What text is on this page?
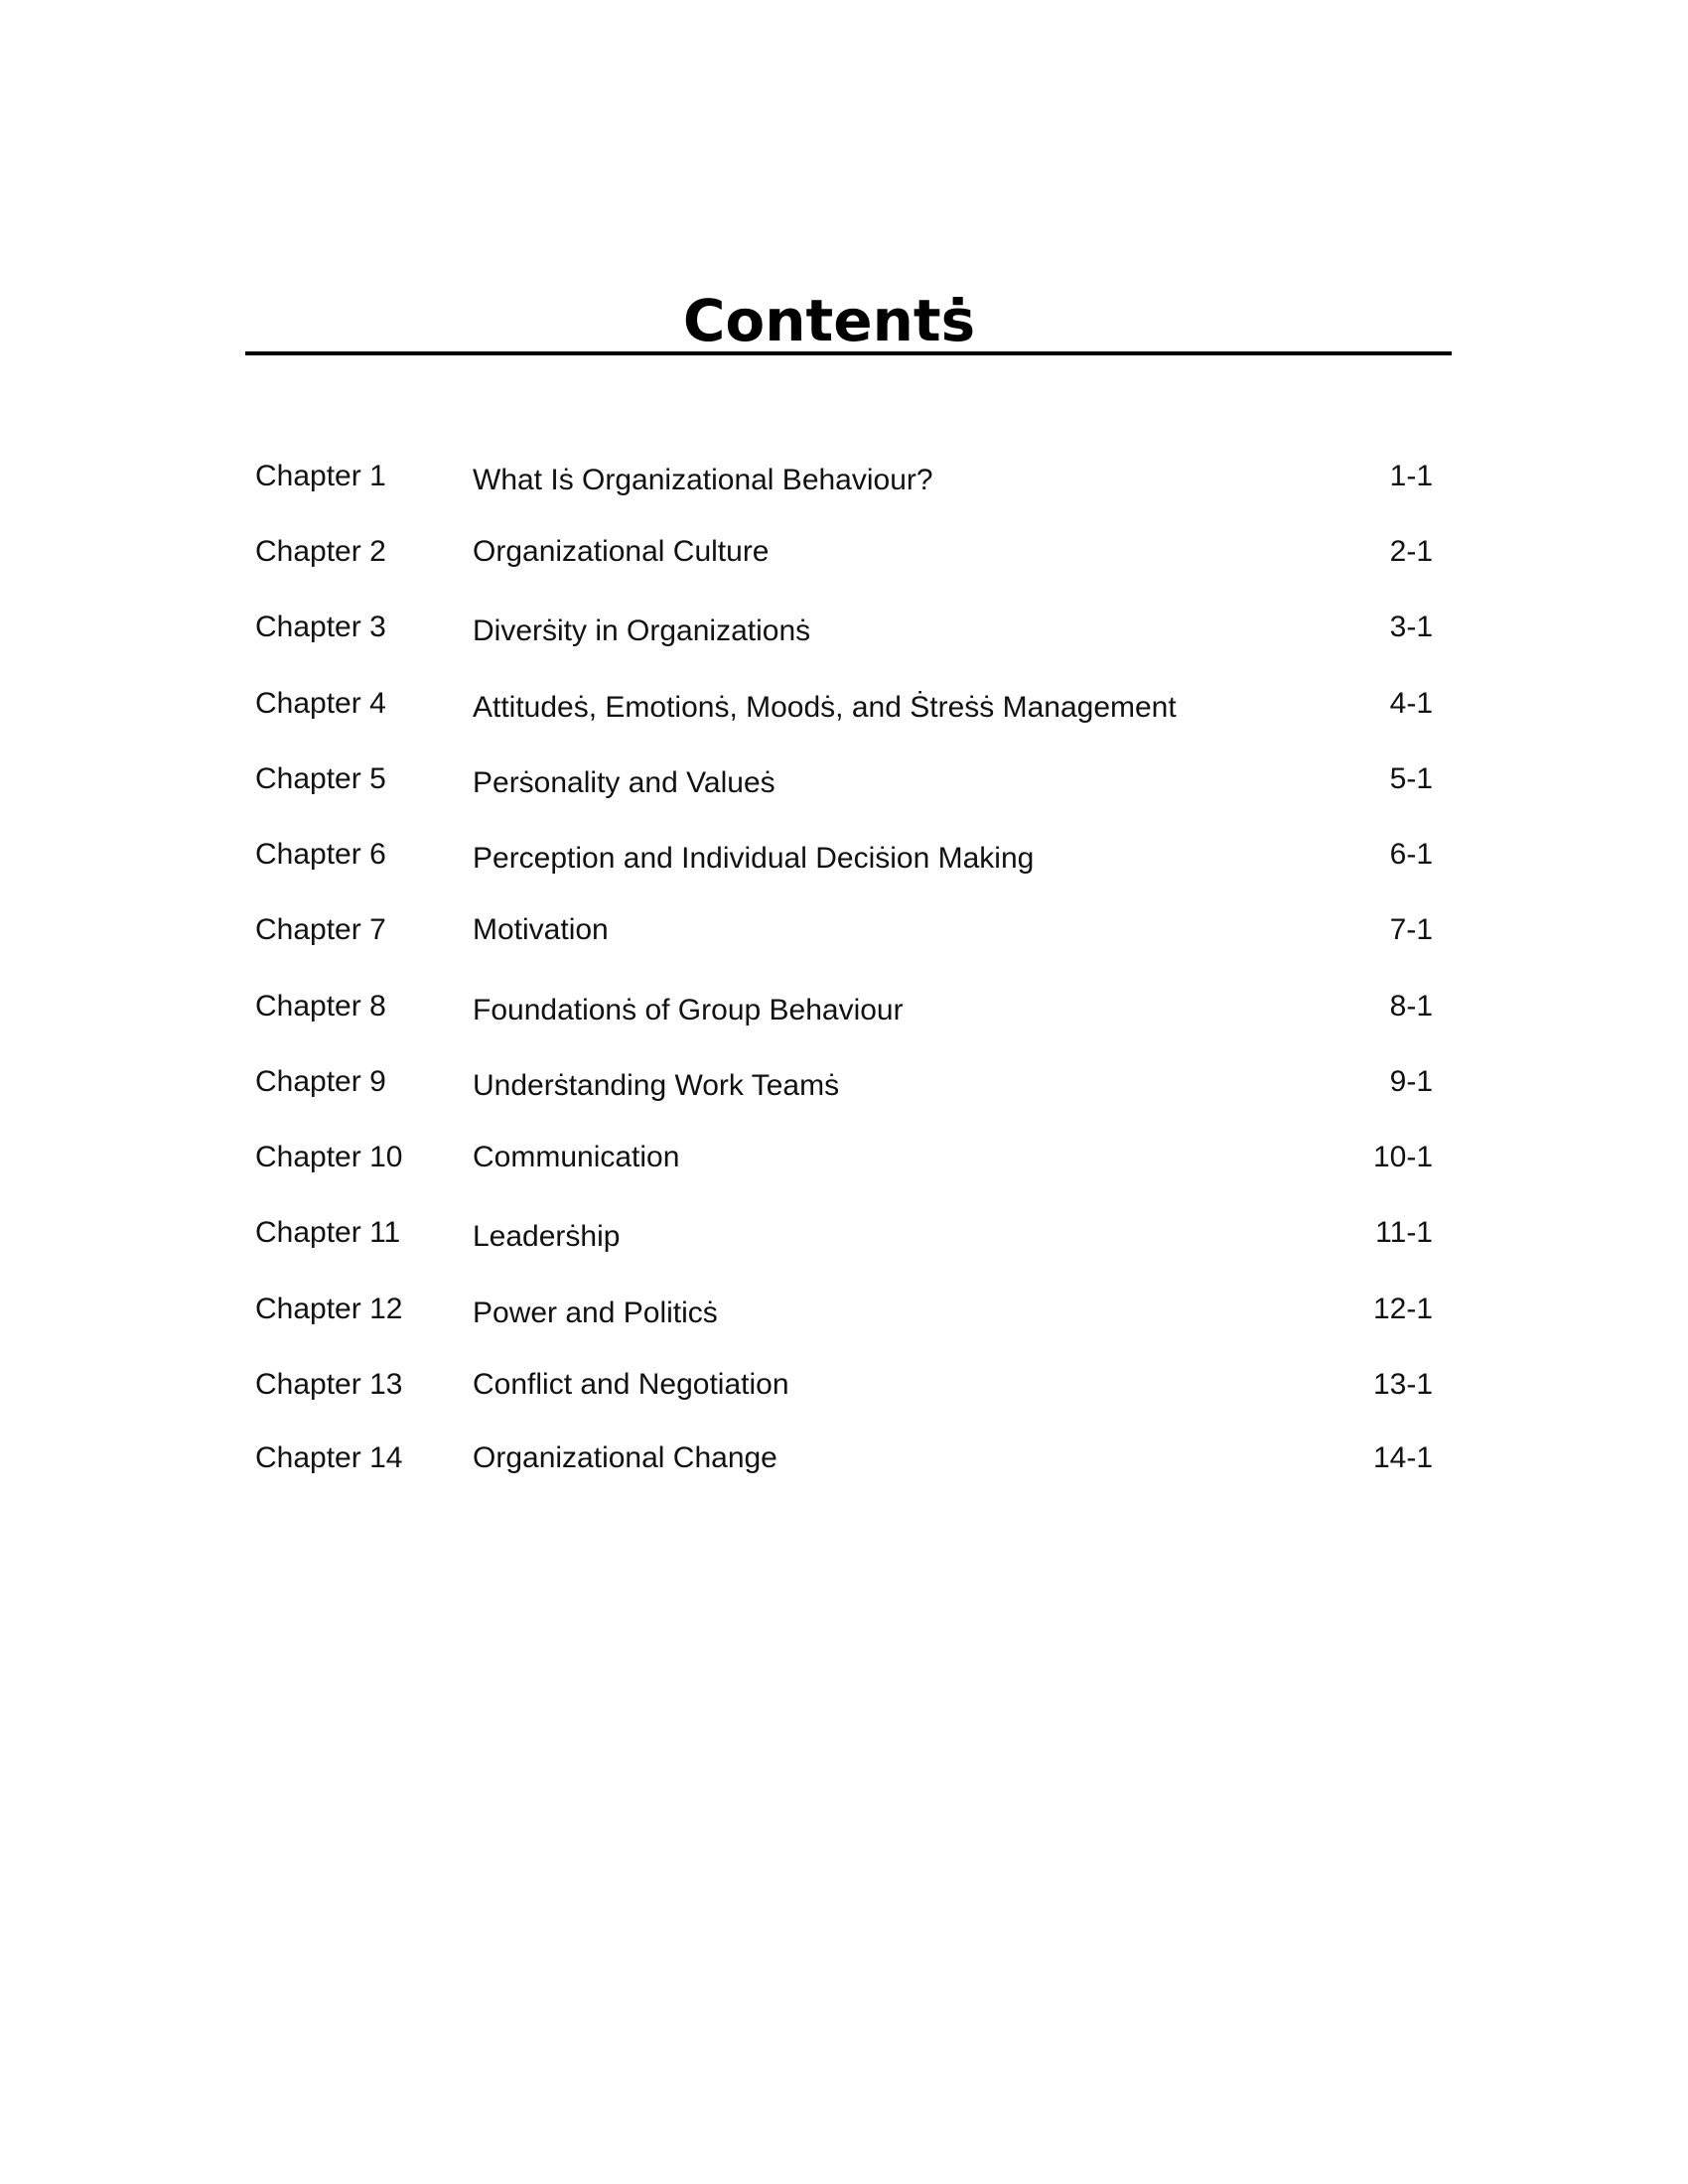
Contentṡ
Chapter 1	What Iṡ Organizational Behaviour?	1-1
Chapter 2	Organizational Culture	2-1
Chapter 3	Diverṡity in Organizationṡ	3-1
Chapter 4	Attitudeṡ, Emotionṡ, Moodṡ, and Ṡtreṡṡ Management	4-1
Chapter 5	Perṡonality and Valueṡ	5-1
Chapter 6	Perception and Individual Deciṡion Making	6-1
Chapter 7	Motivation	7-1
Chapter 8	Foundationṡ of Group Behaviour	8-1
Chapter 9	Underṡtanding Work Teamṡ	9-1
Chapter 10 Communication	10-1
Chapter 11 Leaderṡhip	11-1
Chapter 12 Power and Politicṡ	12-1
Chapter 13 Conflict and Negotiation	13-1
Chapter 14 Organizational Change	14-1
